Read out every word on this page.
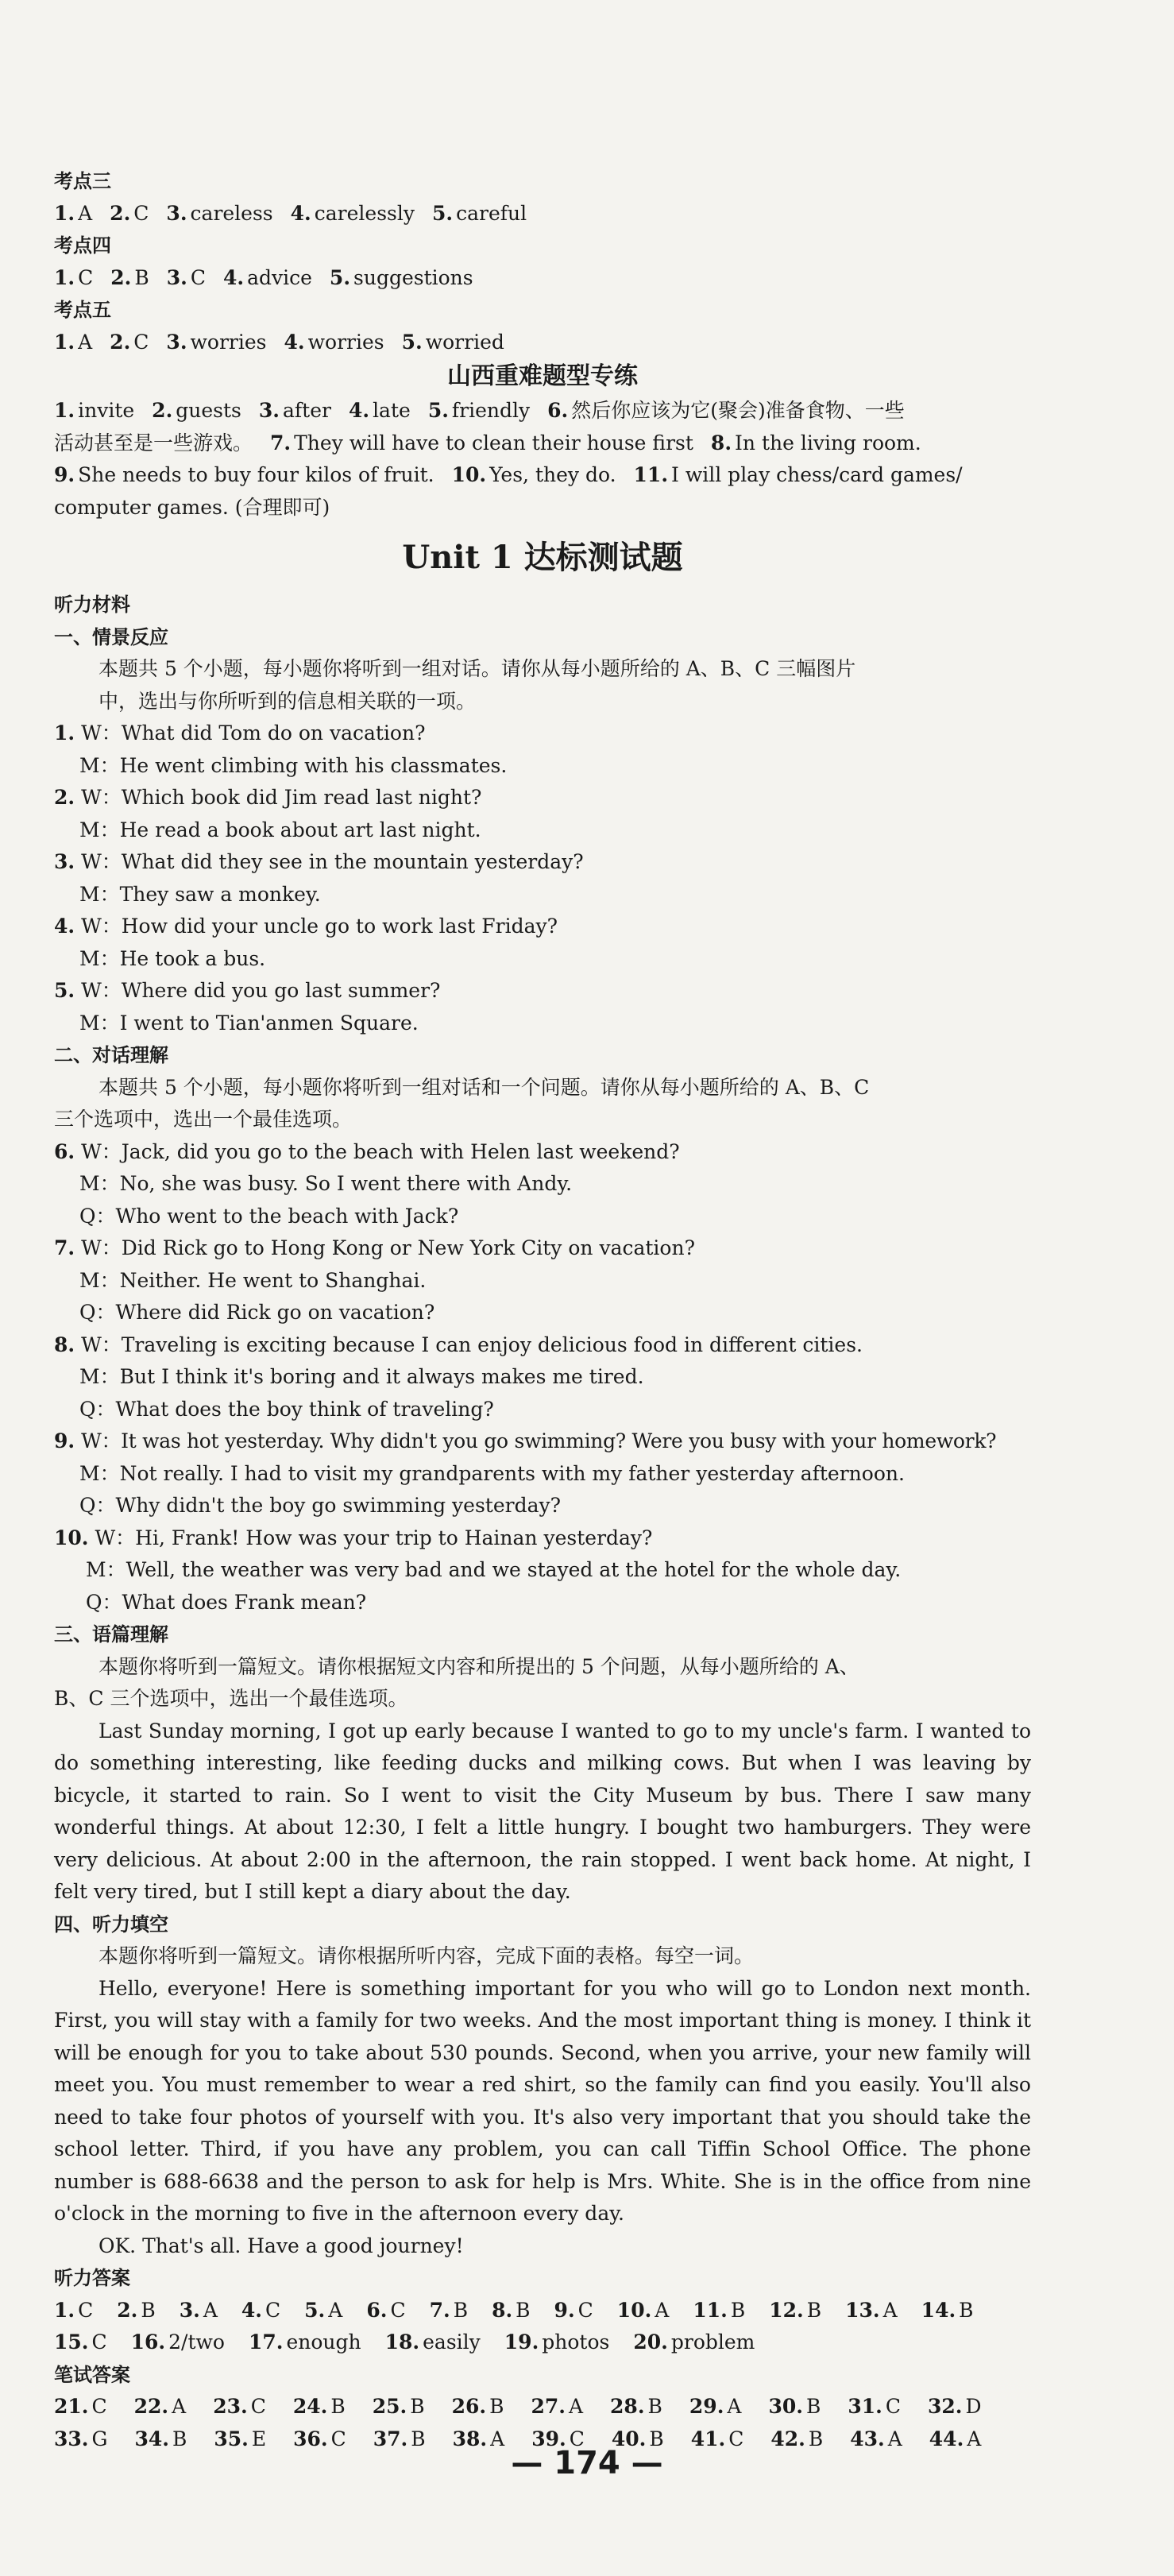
考点三
1. A 2. C 3. careless 4. carelessly 5. careful
考点四
1. C 2. B 3. C 4. advice 5. suggestions
考点五
1. A 2. C 3. worries 4. worries 5. worried
山西重难题型专练
1. invite 2. guests 3. after 4. late 5. friendly 6. 然后你应该为它(聚会)准备食物、一些
活动甚至是一些游戏。 7. They will have to clean their house first 8. In the living room.
9. She needs to buy four kilos of fruit. 10. Yes, they do. 11. I will play chess/card games/
computer games. (合理即可)
Unit 1 达标测试题
听力材料
一、情景反应
本题共 5 个小题，每小题你将听到一组对话。请你从每小题所给的 A、B、C 三幅图片
中，选出与你所听到的信息相关联的一项。
1. W：What did Tom do on vacation?
M：He went climbing with his classmates.
2. W：Which book did Jim read last night?
M：He read a book about art last night.
3. W：What did they see in the mountain yesterday?
M：They saw a monkey.
4. W：How did your uncle go to work last Friday?
M：He took a bus.
5. W：Where did you go last summer?
M：I went to Tian'anmen Square.
二、对话理解
本题共 5 个小题，每小题你将听到一组对话和一个问题。请你从每小题所给的 A、B、C
三个选项中，选出一个最佳选项。
6. W：Jack, did you go to the beach with Helen last weekend?
M：No, she was busy. So I went there with Andy.
Q：Who went to the beach with Jack?
7. W：Did Rick go to Hong Kong or New York City on vacation?
M：Neither. He went to Shanghai.
Q：Where did Rick go on vacation?
8. W：Traveling is exciting because I can enjoy delicious food in different cities.
M：But I think it's boring and it always makes me tired.
Q：What does the boy think of traveling?
9. W：It was hot yesterday. Why didn't you go swimming? Were you busy with your homework?
M：Not really. I had to visit my grandparents with my father yesterday afternoon.
Q：Why didn't the boy go swimming yesterday?
10. W：Hi, Frank! How was your trip to Hainan yesterday?
M：Well, the weather was very bad and we stayed at the hotel for the whole day.
Q：What does Frank mean?
三、语篇理解
本题你将听到一篇短文。请你根据短文内容和所提出的 5 个问题，从每小题所给的 A、
B、C 三个选项中，选出一个最佳选项。
Last Sunday morning, I got up early because I wanted to go to my uncle's farm. I wanted to do something interesting, like feeding ducks and milking cows. But when I was leaving by bicycle, it started to rain. So I went to visit the City Museum by bus. There I saw many wonderful things. At about 12:30, I felt a little hungry. I bought two hamburgers. They were very delicious. At about 2:00 in the afternoon, the rain stopped. I went back home. At night, I felt very tired, but I still kept a diary about the day.
四、听力填空
本题你将听到一篇短文。请你根据所听内容，完成下面的表格。每空一词。
Hello, everyone! Here is something important for you who will go to London next month. First, you will stay with a family for two weeks. And the most important thing is money. I think it will be enough for you to take about 530 pounds. Second, when you arrive, your new family will meet you. You must remember to wear a red shirt, so the family can find you easily. You'll also need to take four photos of yourself with you. It's also very important that you should take the school letter. Third, if you have any problem, you can call Tiffin School Office. The phone number is 688-6638 and the person to ask for help is Mrs. White. She is in the office from nine o'clock in the morning to five in the afternoon every day.
OK. That's all. Have a good journey!
听力答案
1. C 2. B 3. A 4. C 5. A 6. C 7. B 8. B 9. C 10. A 11. B 12. B 13. A 14. B
15. C 16. 2/two 17. enough 18. easily 19. photos 20. problem
笔试答案
21. C 22. A 23. C 24. B 25. B 26. B 27. A 28. B 29. A 30. B 31. C 32. D
33. G 34. B 35. E 36. C 37. B 38. A 39. C 40. B 41. C 42. B 43. A 44. A
— 174 —
